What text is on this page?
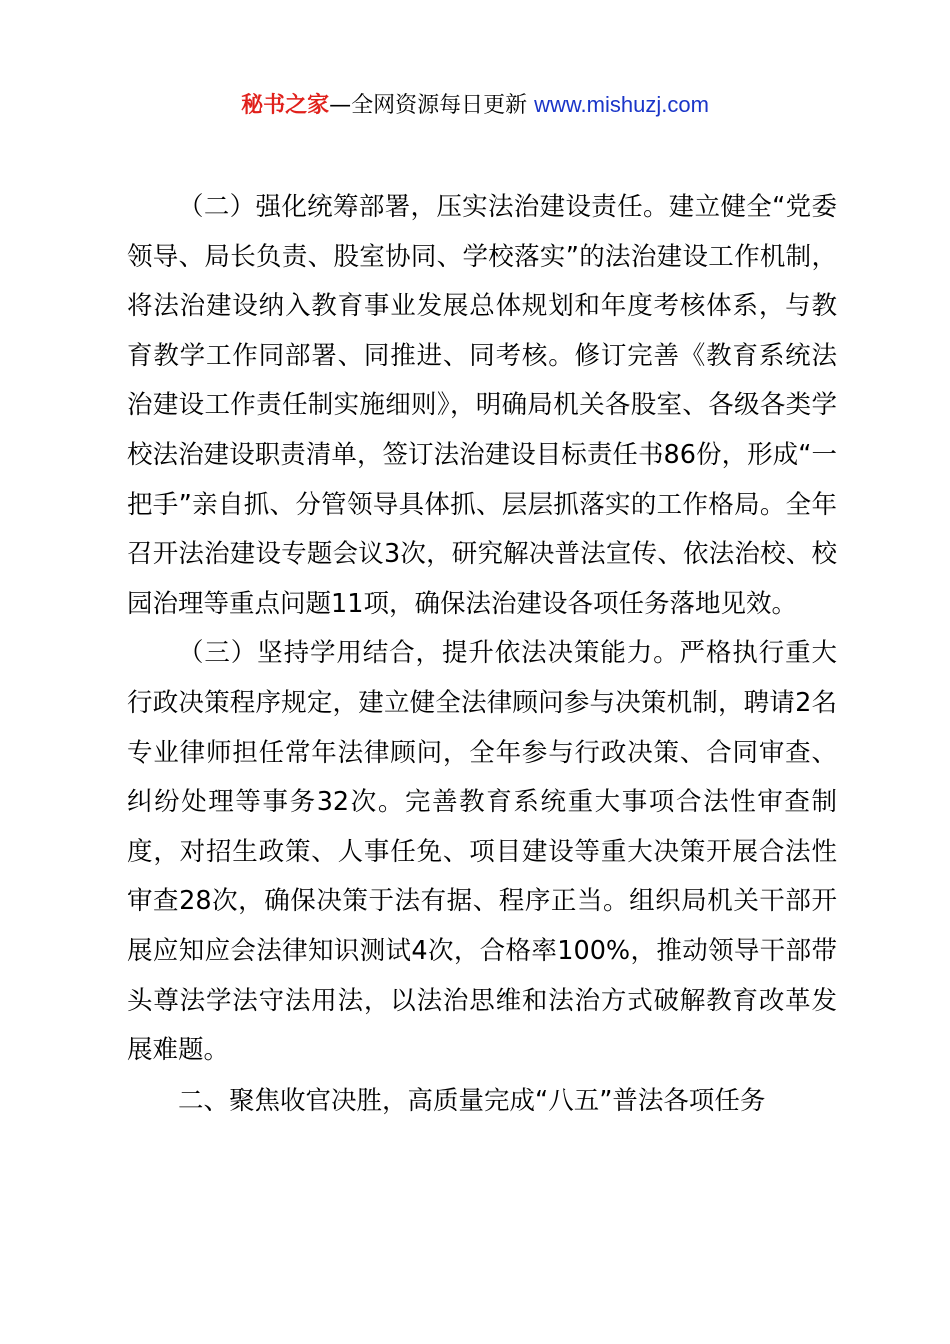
秘书之家—全网资源每日更新 www.mishuzj.com

（二）强化统筹部署，压实法治建设责任。建立健全“党委领导、局长负责、股室协同、学校落实”的法治建设工作机制，将法治建设纳入教育事业发展总体规划和年度考核体系，与教育教学工作同部署、同推进、同考核。修订完善《教育系统法治建设工作责任制实施细则》，明确局机关各股室、各级各类学校法治建设职责清单，签订法治建设目标责任书86份，形成“一把手”亲自抓、分管领导具体抓、层层抓落实的工作格局。全年召开法治建设专题会议3次，研究解决普法宣传、依法治校、校园治理等重点问题11项，确保法治建设各项任务落地见效。

（三）坚持学用结合，提升依法决策能力。严格执行重大行政决策程序规定，建立健全法律顾问参与决策机制，聘请2名专业律师担任常年法律顾问，全年参与行政决策、合同审查、纠纷处理等事务32次。完善教育系统重大事项合法性审查制度，对招生政策、人事任免、项目建设等重大决策开展合法性审查28次，确保决策于法有据、程序正当。组织局机关干部开展应知应会法律知识测试4次，合格率100%，推动领导干部带头尊法学法守法用法，以法治思维和法治方式破解教育改革发展难题。

二、聚焦收官决胜，高质量完成“八五”普法各项任务
